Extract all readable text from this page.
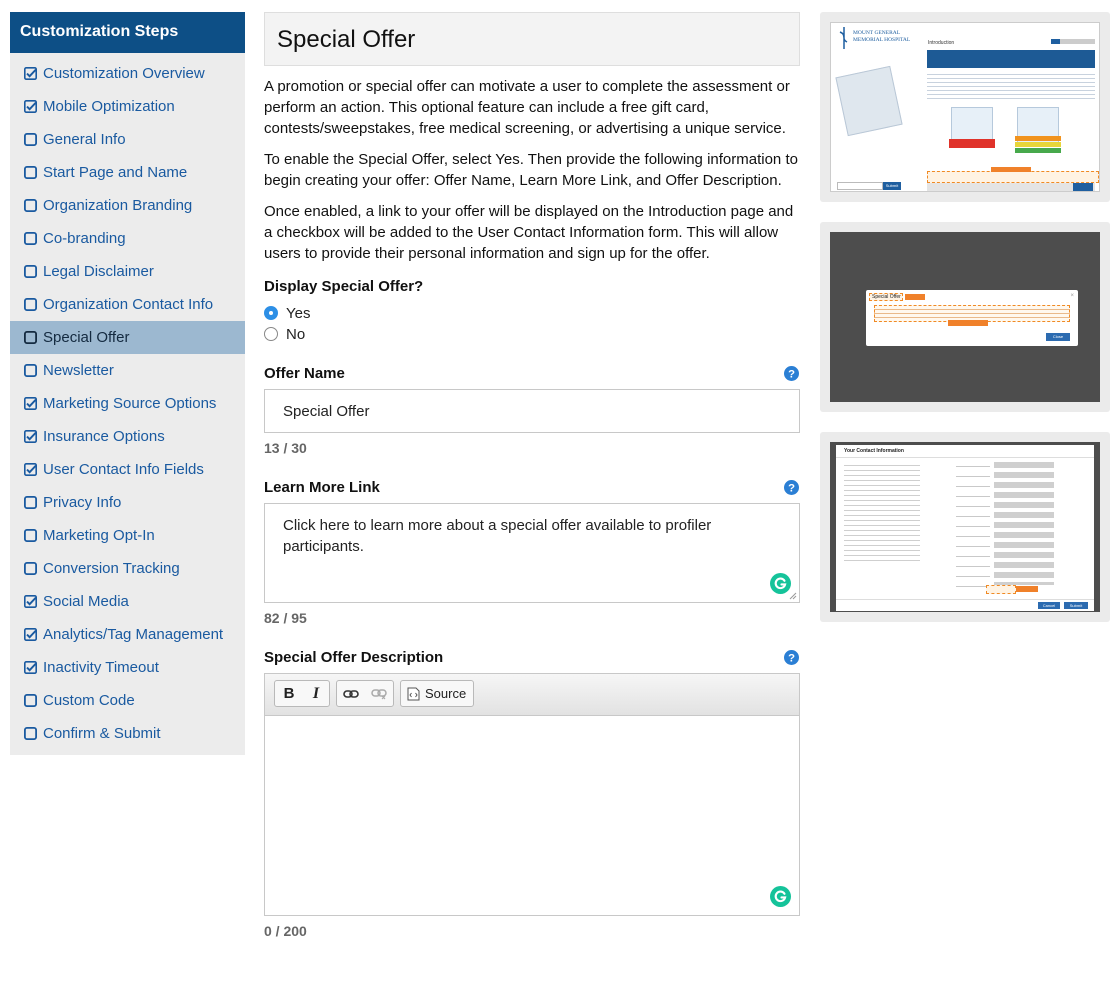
Customization Steps
Customization Overview
Mobile Optimization
General Info
Start Page and Name
Organization Branding
Co-branding
Legal Disclaimer
Organization Contact Info
Special Offer
Newsletter
Marketing Source Options
Insurance Options
User Contact Info Fields
Privacy Info
Marketing Opt-In
Conversion Tracking
Social Media
Analytics/Tag Management
Inactivity Timeout
Custom Code
Confirm & Submit
Special Offer

A promotion or special offer can motivate a user to complete the assessment or perform an action. This optional feature can include a free gift card, contests/sweepstakes, free medical screening, or advertising a unique service.

To enable the Special Offer, select Yes. Then provide the following information to begin creating your offer: Offer Name, Learn More Link, and Offer Description.

Once enabled, a link to your offer will be displayed on the Introduction page and a checkbox will be added to the User Contact Information form. This will allow users to provide their personal information and sign up for the offer.

Display Special Offer?
Yes
No
Offer Name	?
Special Offer
13 / 30
Learn More Link	?
Click here to learn more about a special offer available to profiler participants.
82 / 95
Special Offer Description	?
B	I	Source
0 / 200
MOUNT GENERAL MEMORIAL HOSPITAL
Introduction
Submit
Special Offer	×
Close
Your Contact Information
Cancel	Submit
